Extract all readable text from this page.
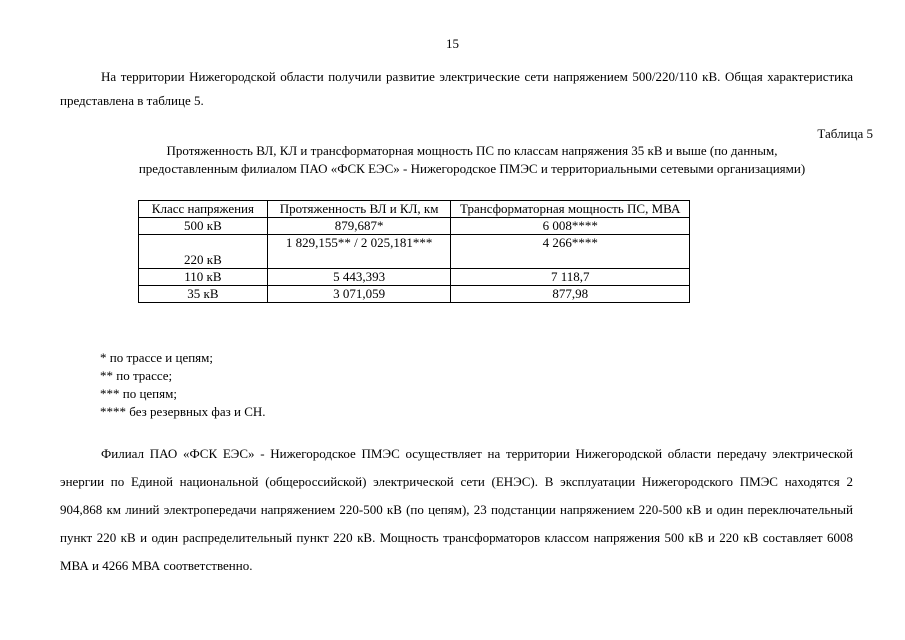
15

На территории Нижегородской области получили развитие электрические сети напряжением 500/220/110 кВ. Общая характеристика представлена в таблице 5.

Таблица 5
Протяженность ВЛ, КЛ и трансформаторная мощность ПС по классам напряжения 35 кВ и выше (по данным,
предоставленным филиалом ПАО «ФСК ЕЭС» - Нижегородское ПМЭС и территориальными сетевыми организациями)
Класс напряжения	Протяженность ВЛ и КЛ, км	Трансформаторная мощность ПС, МВА
500 кВ	879,687*	6 008****
220 кВ	1 829,155** / 2 025,181***	4 266****
110 кВ	5 443,393	7 118,7
35 кВ	3 071,059	877,98
* по трассе и цепям;
** по трассе;
*** по цепям;
**** без резервных фаз и СН.

Филиал ПАО «ФСК ЕЭС» - Нижегородское ПМЭС осуществляет на территории Нижегородской области передачу электрической энергии по Единой национальной (общероссийской) электрической сети (ЕНЭС). В эксплуатации Нижегородского ПМЭС находятся 2 904,868 км линий электропередачи напряжением 220-500 кВ (по цепям), 23 подстанции напряжением 220-500 кВ и один переключательный пункт 220 кВ и один распределительный пункт 220 кВ. Мощность трансформаторов классом напряжения 500 кВ и 220 кВ составляет 6008 МВА и 4266 МВА соответственно.
